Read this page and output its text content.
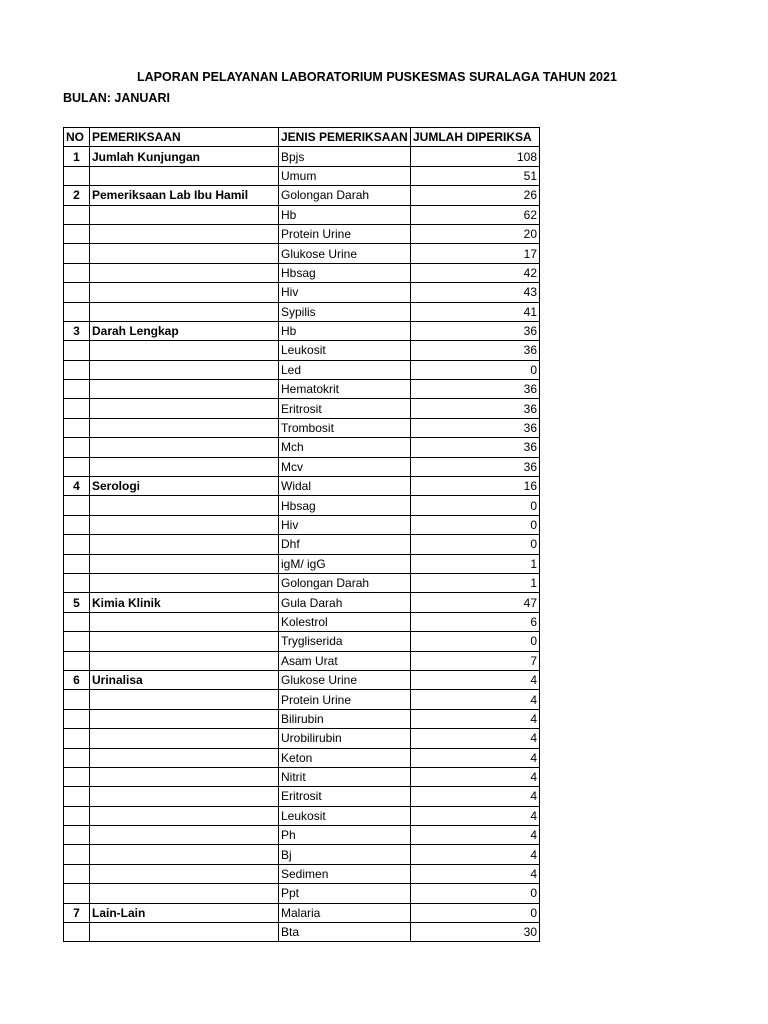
LAPORAN PELAYANAN LABORATORIUM PUSKESMAS SURALAGA TAHUN 2021
BULAN: JANUARI
NO	PEMERIKSAAN	JENIS PEMERIKSAAN	JUMLAH DIPERIKSA
1	Jumlah Kunjungan	Bpjs	108
		Umum	51
2	Pemeriksaan Lab Ibu Hamil	Golongan Darah	26
		Hb	62
		Protein Urine	20
		Glukose Urine	17
		Hbsag	42
		Hiv	43
		Sypilis	41
3	Darah Lengkap	Hb	36
		Leukosit	36
		Led	0
		Hematokrit	36
		Eritrosit	36
		Trombosit	36
		Mch	36
		Mcv	36
4	Serologi	Widal	16
		Hbsag	0
		Hiv	0
		Dhf	0
		igM/ igG	1
		Golongan Darah	1
5	Kimia Klinik	Gula Darah	47
		Kolestrol	6
		Trygliserida	0
		Asam Urat	7
6	Urinalisa	Glukose Urine	4
		Protein Urine	4
		Bilirubin	4
		Urobilirubin	4
		Keton	4
		Nitrit	4
		Eritrosit	4
		Leukosit	4
		Ph	4
		Bj	4
		Sedimen	4
		Ppt	0
7	Lain-Lain	Malaria	0
		Bta	30
